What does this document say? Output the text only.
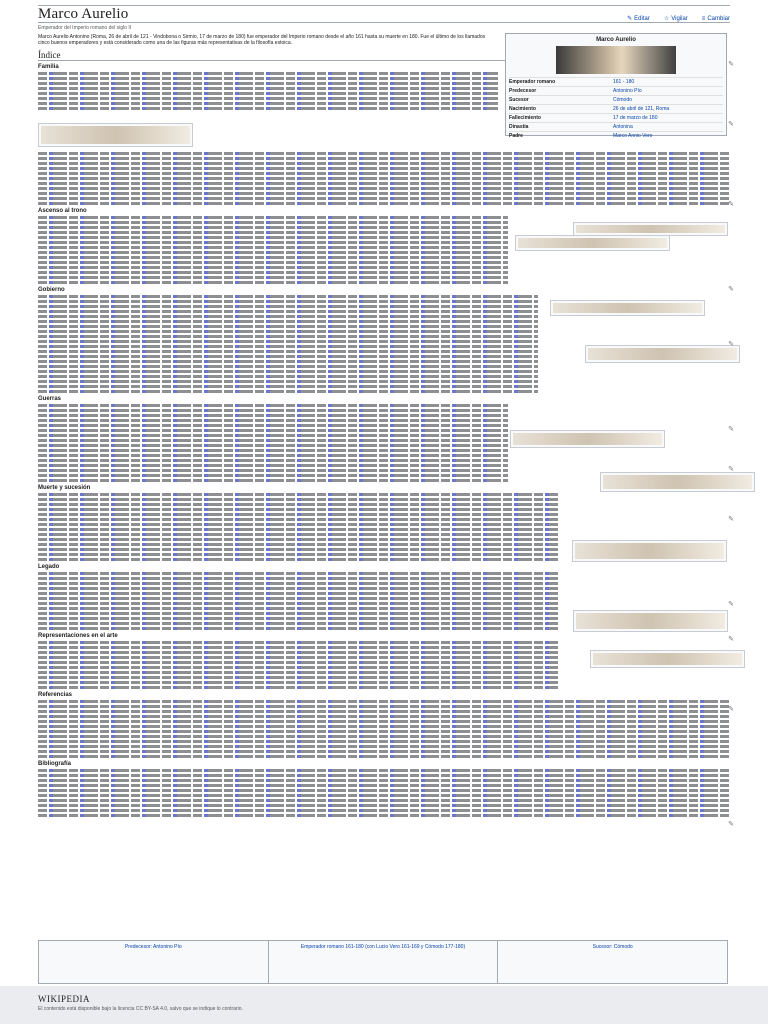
Marco Aurelio	✎ Editar ☆ Vigilar ≡ Cambiar
Emperador del Imperio romano del siglo II
Marco Aurelio Antonino (Roma, 26 de abril de 121 - Vindobona o Sirmio, 17 de marzo de 180) fue emperador del Imperio romano desde el año 161 hasta su muerte en 180. Fue el último de los llamados cinco buenos emperadores y está considerado como una de las figuras más representativas de la filosofía estoica.	Marco Aurelio
Emperador romano	161 - 180
Predecesor	Antonino Pío
Sucesor	Cómodo
Nacimiento	26 de abril de 121, Roma
Fallecimiento	17 de marzo de 180
Dinastía	Antonina
Padre	Marco Annio Vero
Índice
Familia
Ascenso al trono
Gobierno
Guerras
Muerte y sucesión
Legado
Representaciones en el arte
Referencias
Bibliografía
✎
✎
✎
✎
✎
✎
✎
✎
✎
✎
✎
✎
Predecesor: Antonino Pío	Emperador romano 161-180 (con Lucio Vero 161-169 y Cómodo 177-180)	Sucesor: Cómodo
WIKIPEDIA
El contenido está disponible bajo la licencia CC BY-SA 4.0, salvo que se indique lo contrario.
